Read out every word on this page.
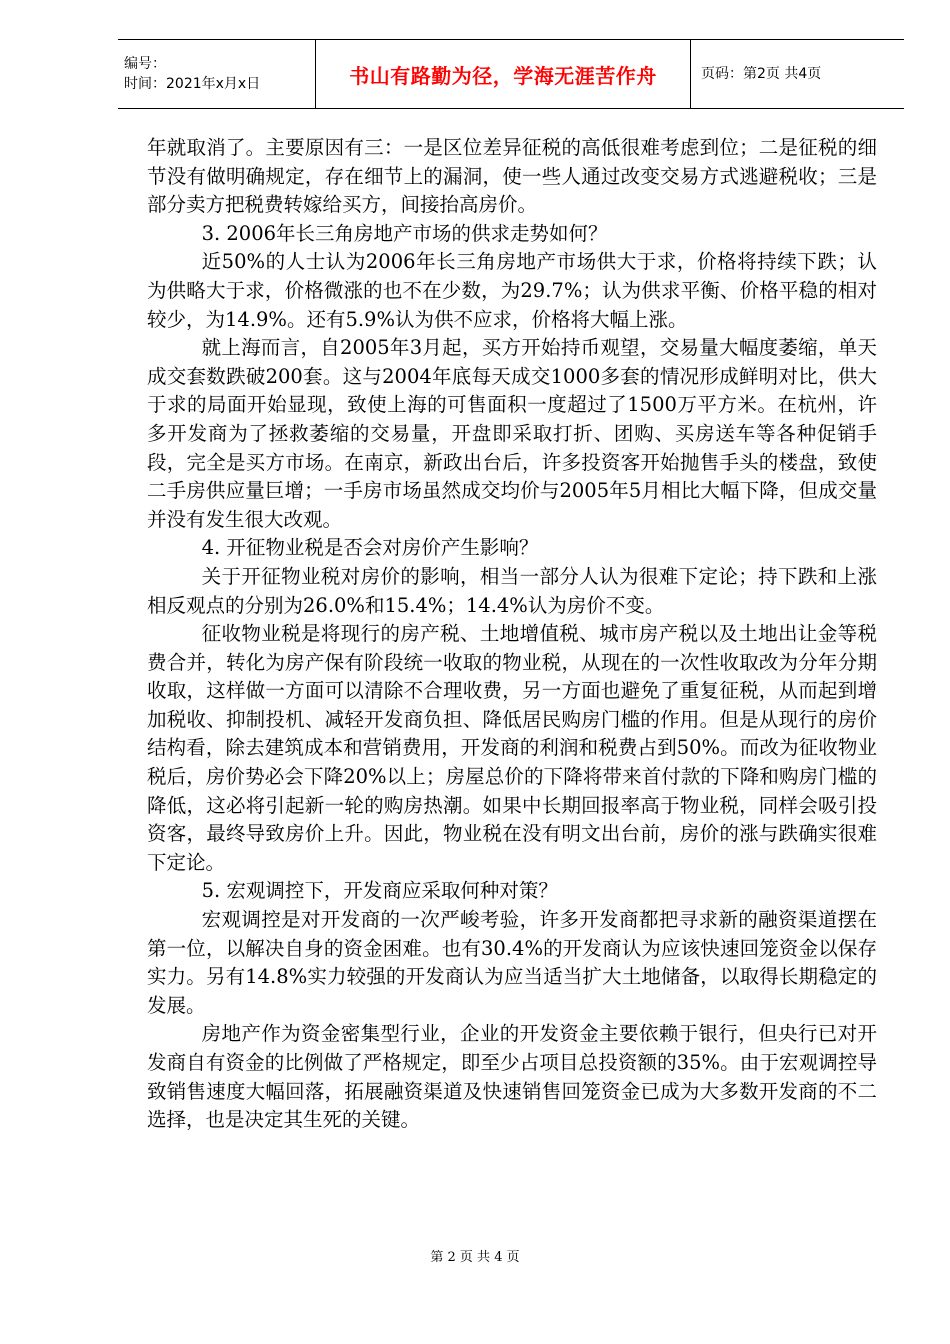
编号：
时间：2021年x月x日	书山有路勤为径，学海无涯苦作舟	页码：第2页 共4页

年就取消了。主要原因有三：一是区位差异征税的高低很难考虑到位；二是征税的细节没有做明确规定，存在细节上的漏洞，使一些人通过改变交易方式逃避税收；三是部分卖方把税费转嫁给买方，间接抬高房价。

3. 2006年长三角房地产市场的供求走势如何？

近50%的人士认为2006年长三角房地产市场供大于求，价格将持续下跌；认为供略大于求，价格微涨的也不在少数，为29.7%；认为供求平衡、价格平稳的相对较少，为14.9%。还有5.9%认为供不应求，价格将大幅上涨。

就上海而言，自2005年3月起，买方开始持币观望，交易量大幅度萎缩，单天成交套数跌破200套。这与2004年底每天成交1000多套的情况形成鲜明对比，供大于求的局面开始显现，致使上海的可售面积一度超过了1500万平方米。在杭州，许多开发商为了拯救萎缩的交易量，开盘即采取打折、团购、买房送车等各种促销手段，完全是买方市场。在南京，新政出台后，许多投资客开始抛售手头的楼盘，致使二手房供应量巨增；一手房市场虽然成交均价与2005年5月相比大幅下降，但成交量并没有发生很大改观。

4. 开征物业税是否会对房价产生影响？

关于开征物业税对房价的影响，相当一部分人认为很难下定论；持下跌和上涨相反观点的分别为26.0%和15.4%；14.4%认为房价不变。

征收物业税是将现行的房产税、土地增值税、城市房产税以及土地出让金等税费合并，转化为房产保有阶段统一收取的物业税，从现在的一次性收取改为分年分期收取，这样做一方面可以清除不合理收费，另一方面也避免了重复征税，从而起到增加税收、抑制投机、减轻开发商负担、降低居民购房门槛的作用。但是从现行的房价结构看，除去建筑成本和营销费用，开发商的利润和税费占到50%。而改为征收物业税后，房价势必会下降20%以上；房屋总价的下降将带来首付款的下降和购房门槛的降低，这必将引起新一轮的购房热潮。如果中长期回报率高于物业税，同样会吸引投资客，最终导致房价上升。因此，物业税在没有明文出台前，房价的涨与跌确实很难下定论。

5. 宏观调控下，开发商应采取何种对策？

宏观调控是对开发商的一次严峻考验，许多开发商都把寻求新的融资渠道摆在第一位，以解决自身的资金困难。也有30.4%的开发商认为应该快速回笼资金以保存实力。另有14.8%实力较强的开发商认为应当适当扩大土地储备，以取得长期稳定的发展。

房地产作为资金密集型行业，企业的开发资金主要依赖于银行，但央行已对开发商自有资金的比例做了严格规定，即至少占项目总投资额的35%。由于宏观调控导致销售速度大幅回落，拓展融资渠道及快速销售回笼资金已成为大多数开发商的不二选择，也是决定其生死的关键。

第 2 页 共 4 页
